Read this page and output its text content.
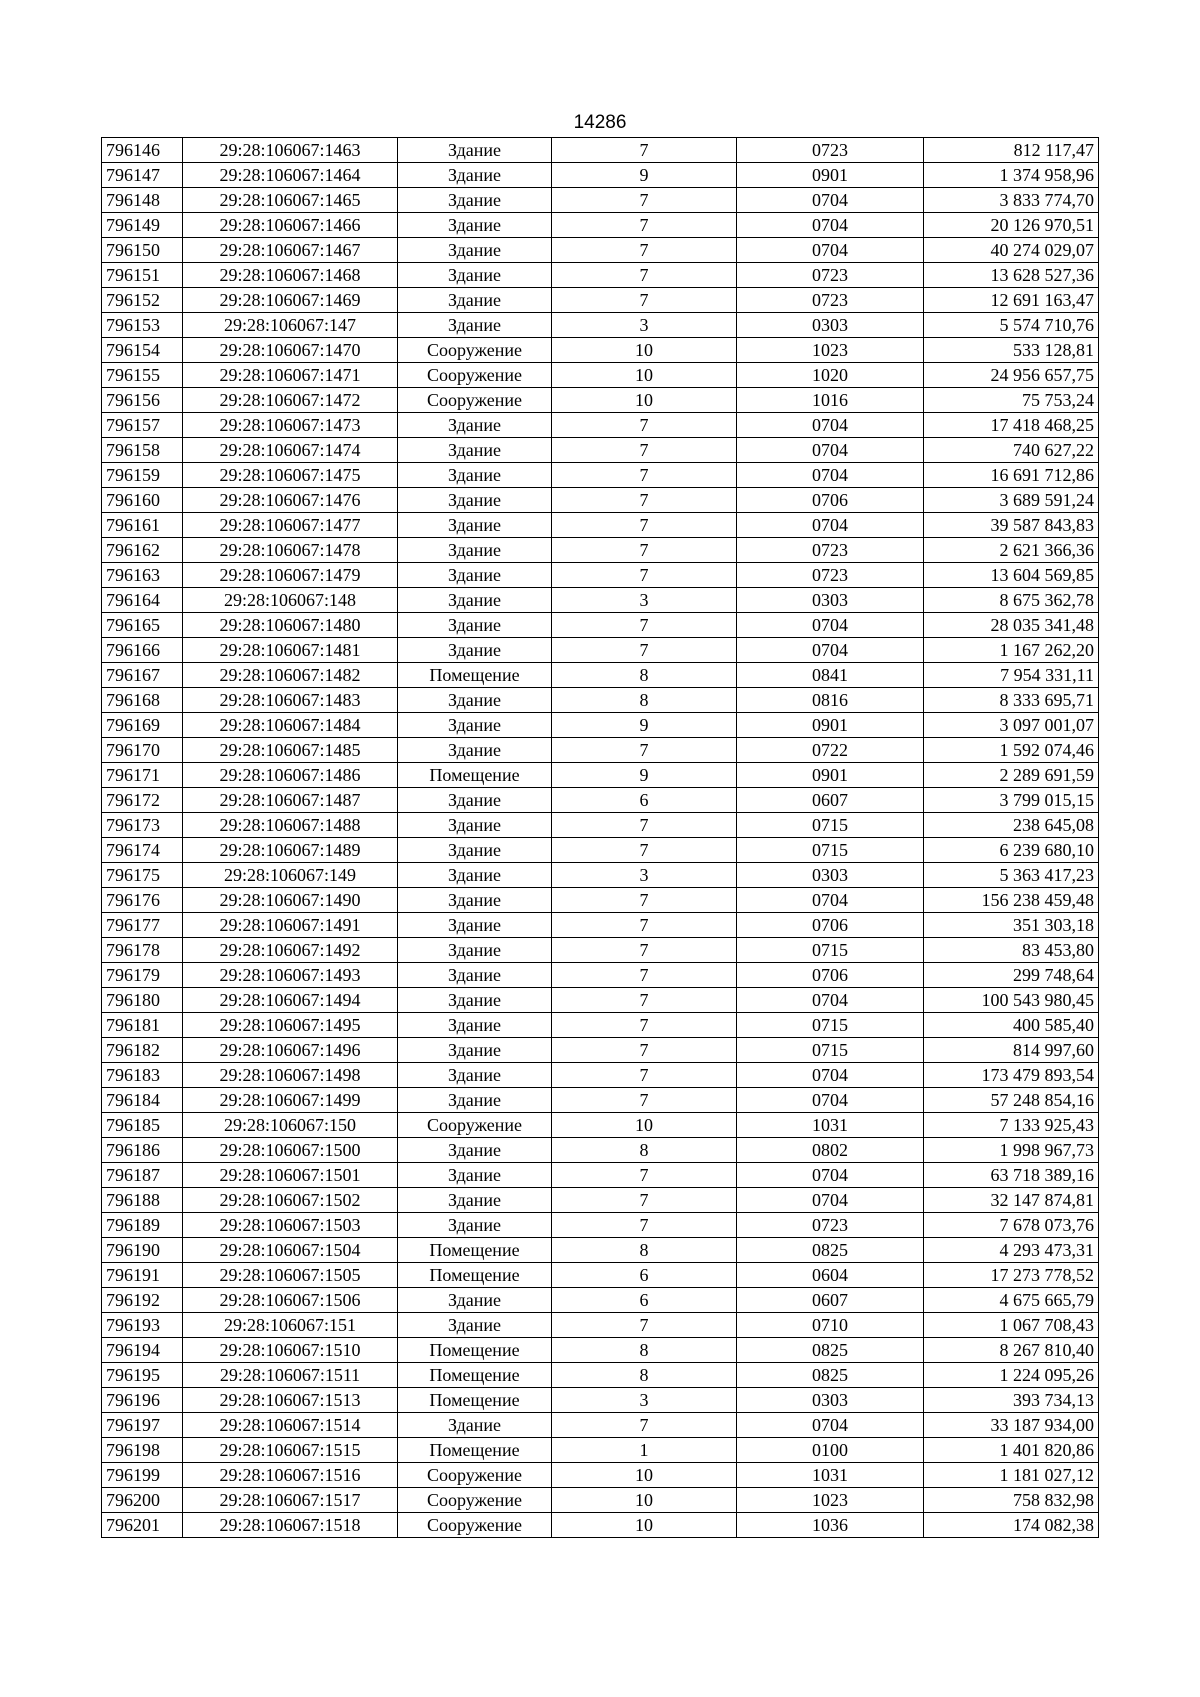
14286
796146	29:28:106067:1463	Здание	7	0723	812 117,47
796147	29:28:106067:1464	Здание	9	0901	1 374 958,96
796148	29:28:106067:1465	Здание	7	0704	3 833 774,70
796149	29:28:106067:1466	Здание	7	0704	20 126 970,51
796150	29:28:106067:1467	Здание	7	0704	40 274 029,07
796151	29:28:106067:1468	Здание	7	0723	13 628 527,36
796152	29:28:106067:1469	Здание	7	0723	12 691 163,47
796153	29:28:106067:147	Здание	3	0303	5 574 710,76
796154	29:28:106067:1470	Сооружение	10	1023	533 128,81
796155	29:28:106067:1471	Сооружение	10	1020	24 956 657,75
796156	29:28:106067:1472	Сооружение	10	1016	75 753,24
796157	29:28:106067:1473	Здание	7	0704	17 418 468,25
796158	29:28:106067:1474	Здание	7	0704	740 627,22
796159	29:28:106067:1475	Здание	7	0704	16 691 712,86
796160	29:28:106067:1476	Здание	7	0706	3 689 591,24
796161	29:28:106067:1477	Здание	7	0704	39 587 843,83
796162	29:28:106067:1478	Здание	7	0723	2 621 366,36
796163	29:28:106067:1479	Здание	7	0723	13 604 569,85
796164	29:28:106067:148	Здание	3	0303	8 675 362,78
796165	29:28:106067:1480	Здание	7	0704	28 035 341,48
796166	29:28:106067:1481	Здание	7	0704	1 167 262,20
796167	29:28:106067:1482	Помещение	8	0841	7 954 331,11
796168	29:28:106067:1483	Здание	8	0816	8 333 695,71
796169	29:28:106067:1484	Здание	9	0901	3 097 001,07
796170	29:28:106067:1485	Здание	7	0722	1 592 074,46
796171	29:28:106067:1486	Помещение	9	0901	2 289 691,59
796172	29:28:106067:1487	Здание	6	0607	3 799 015,15
796173	29:28:106067:1488	Здание	7	0715	238 645,08
796174	29:28:106067:1489	Здание	7	0715	6 239 680,10
796175	29:28:106067:149	Здание	3	0303	5 363 417,23
796176	29:28:106067:1490	Здание	7	0704	156 238 459,48
796177	29:28:106067:1491	Здание	7	0706	351 303,18
796178	29:28:106067:1492	Здание	7	0715	83 453,80
796179	29:28:106067:1493	Здание	7	0706	299 748,64
796180	29:28:106067:1494	Здание	7	0704	100 543 980,45
796181	29:28:106067:1495	Здание	7	0715	400 585,40
796182	29:28:106067:1496	Здание	7	0715	814 997,60
796183	29:28:106067:1498	Здание	7	0704	173 479 893,54
796184	29:28:106067:1499	Здание	7	0704	57 248 854,16
796185	29:28:106067:150	Сооружение	10	1031	7 133 925,43
796186	29:28:106067:1500	Здание	8	0802	1 998 967,73
796187	29:28:106067:1501	Здание	7	0704	63 718 389,16
796188	29:28:106067:1502	Здание	7	0704	32 147 874,81
796189	29:28:106067:1503	Здание	7	0723	7 678 073,76
796190	29:28:106067:1504	Помещение	8	0825	4 293 473,31
796191	29:28:106067:1505	Помещение	6	0604	17 273 778,52
796192	29:28:106067:1506	Здание	6	0607	4 675 665,79
796193	29:28:106067:151	Здание	7	0710	1 067 708,43
796194	29:28:106067:1510	Помещение	8	0825	8 267 810,40
796195	29:28:106067:1511	Помещение	8	0825	1 224 095,26
796196	29:28:106067:1513	Помещение	3	0303	393 734,13
796197	29:28:106067:1514	Здание	7	0704	33 187 934,00
796198	29:28:106067:1515	Помещение	1	0100	1 401 820,86
796199	29:28:106067:1516	Сооружение	10	1031	1 181 027,12
796200	29:28:106067:1517	Сооружение	10	1023	758 832,98
796201	29:28:106067:1518	Сооружение	10	1036	174 082,38
